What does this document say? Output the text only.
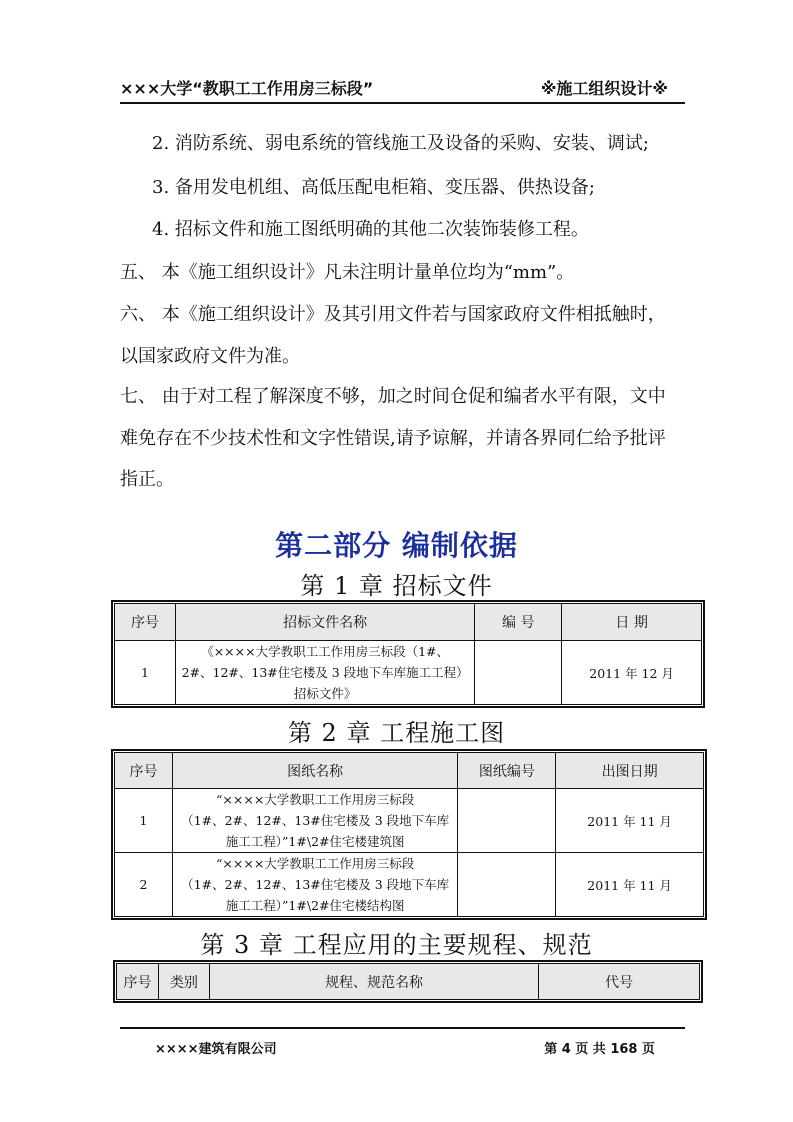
×××大学“教职工工作用房三标段”	※施工组织设计※
2. 消防系统、弱电系统的管线施工及设备的采购、安装、调试;
3. 备用发电机组、高低压配电柜箱、变压器、供热设备;
4. 招标文件和施工图纸明确的其他二次装饰装修工程。
五、 本《施工组织设计》凡未注明计量单位均为“mm”。
六、 本《施工组织设计》及其引用文件若与国家政府文件相抵触时，
以国家政府文件为准。
七、 由于对工程了解深度不够，加之时间仓促和编者水平有限，文中
难免存在不少技术性和文字性错误,请予谅解，并请各界同仁给予批评
指正。
第二部分 编制依据
第 1 章 招标文件
序号	招标文件名称	编 号	日 期
1	《××××大学教职工工作用房三标段（1#、
2#、12#、13#住宅楼及 3 段地下车库施工工程）
招标文件》		2011 年 12 月
第 2 章 工程施工图
序号	图纸名称	图纸编号	出图日期
1	“××××大学教职工工作用房三标段
（1#、2#、12#、13#住宅楼及 3 段地下车库
施工工程）”1#\2#住宅楼建筑图		2011 年 11 月
2	“××××大学教职工工作用房三标段
（1#、2#、12#、13#住宅楼及 3 段地下车库
施工工程）”1#\2#住宅楼结构图		2011 年 11 月
第 3 章 工程应用的主要规程、规范
序号	类别	规程、规范名称	代号
××××建筑有限公司	第 4 页 共 168 页
